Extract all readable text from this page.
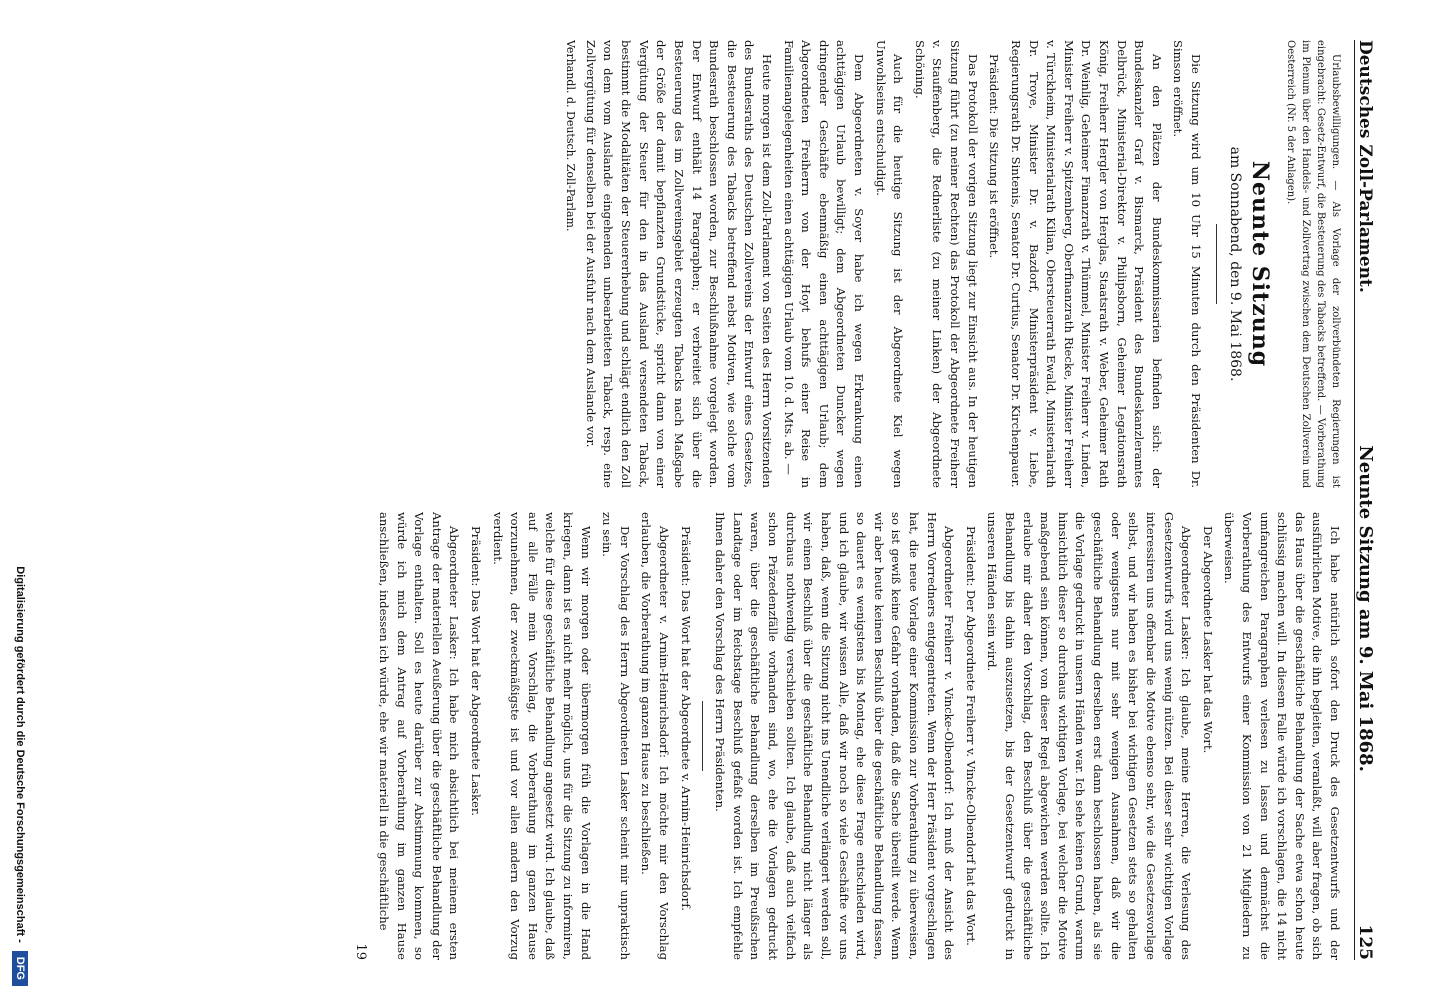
Deutsches Zoll-Parlament.
Neunte Sitzung am 9. Mai 1868.
125

Urlaubsbewilligungen. — Als Vorlage der zollverbündeten Regierungen ist eingebracht: Gesetz-Entwurf, die Besteuerung des Tabacks betreffend. — Vorberathung im Plenum über den Handels- und Zollvertrag zwischen dem Deutschen Zollverein und Oesterreich (Nr. 5 der Anlagen).

Neunte Sitzung
am Sonnabend, den 9. Mai 1868.

Die Sitzung wird um 10 Uhr 15 Minuten durch den Präsidenten Dr. Simson eröffnet.

An den Plätzen der Bundeskommissarien befinden sich: der Bundeskanzler Graf v. Bismarck, Präsident des Bundeskanzleramtes Delbrück, Ministerial-Direktor v. Philipsborn, Geheimer Legationsrath König, Freiherr Hergler von Herglas, Staatsrath v. Weber, Geheimer Rath Dr. Weinlig, Geheimer Finanzrath v. Thümmel, Minister Freiherr v. Linden, Minister Freiherr v. Spitzemberg, Oberfinanzrath Riecke, Minister Freiherr v. Türckheim, Ministerialrath Kilian, Obersteuerrath Ewald, Ministerialrath Dr. Troye, Minister Dr. v. Bazdorf, Ministerpräsident v. Liebe, Regierungsrath Dr. Sintenis, Senator Dr. Curtius, Senator Dr. Kirchenpauer.

Präsident: Die Sitzung ist eröffnet.

Das Protokoll der vorigen Sitzung liegt zur Einsicht aus. In der heutigen Sitzung führt (zu meiner Rechten) das Protokoll der Abgeordnete Freiherr v. Stauffenberg, die Rednerliste (zu meiner Linken) der Abgeordnete Schöning.

Auch für die heutige Sitzung ist der Abgeordnete Kiel wegen Unwohlseins entschuldigt.

Dem Abgeordneten v. Soyer habe ich wegen Erkrankung einen achttägigen Urlaub bewilligt; dem Abgeordneten Duncker wegen dringender Geschäfte ebenmäßig einen achttägigen Urlaub; dem Abgeordneten Freiherrn von der Hoyt behufs einer Reise in Familienangelegenheiten einen achttägigen Urlaub vom 10. d. Mts. ab. —

Heute morgen ist dem Zoll-Parlament von Seiten des Herrn Vorsitzenden des Bundesraths des Deutschen Zollvereins der Entwurf eines Gesetzes, die Besteuerung des Tabacks betreffend nebst Motiven, wie solche vom Bundesrath beschlossen worden, zur Beschlußnahme vorgelegt worden. Der Entwurf enthält 14 Paragraphen; er verbreitet sich über die Besteuerung des im Zollvereinsgebiet erzeugten Tabacks nach Maßgabe der Größe der damit bepflanzten Grundstücke, spricht dann von einer Vergütung der Steuer für den in das Ausland versendeten Taback, bestimmt die Modalitäten der Steuererhebung und schlägt endlich den Zoll von dem vom Auslande eingehenden unbearbeiteten Taback, resp. eine Zollvergütung für denselben bei der Ausfuhr nach dem Auslande vor.

Verhandl. d. Deutsch. Zoll-Parlam.

Ich habe natürlich sofort den Druck des Gesetzentwurfs und der ausführlichen Motive, die ihn begleiten, veranlaßt, will aber fragen, ob sich das Haus über die geschäftliche Behandlung der Sache etwa schon heute schlüssig machen will. In diesem Falle würde ich vorschlagen, die 14 nicht umfangreichen Paragraphen verlesen zu lassen und demnächst die Vorberathung des Entwurfs einer Kommission von 21 Mitgliedern zu überweisen.

Der Abgeordnete Lasker hat das Wort.

Abgeordneter Lasker: Ich glaube, meine Herren, die Verlesung des Gesetzentwurfs wird uns wenig nützen. Bei dieser sehr wichtigen Vorlage interessiren uns offenbar die Motive ebenso sehr, wie die Gesetzesvorlage selbst, und wir haben es bisher bei wichtigen Gesetzen stets so gehalten oder wenigstens nur mit sehr wenigen Ausnahmen, daß wir die geschäftliche Behandlung derselben erst dann beschlossen haben, als sie die Vorlage gedruckt in unsern Händen war. Ich sehe keinen Grund, warum hinsichtlich dieser so durchaus wichtigen Vorlage, bei welcher die Motive maßgebend sein können, von dieser Regel abgewichen werden sollte. Ich erlaube mir daher den Vorschlag, den Beschluß über die geschäftliche Behandlung bis dahin auszusetzen, bis der Gesetzentwurf gedruckt in unseren Händen sein wird.

Präsident: Der Abgeordnete Freiherr v. Vincke-Olbendorf hat das Wort.

Abgeordneter Freiherr v. Vincke-Olbendorf: Ich muß der Ansicht des Herrn Vorredners entgegentreten. Wenn der Herr Präsident vorgeschlagen hat, die neue Vorlage einer Kommission zur Vorberathung zu überweisen, so ist gewiß keine Gefahr vorhanden, daß die Sache übereilt werde. Wenn wir aber heute keinen Beschluß über die geschäftliche Behandlung fassen, so dauert es wenigstens bis Montag, ehe diese Frage entschieden wird, und ich glaube, wir wissen Alle, daß wir noch so viele Geschäfte vor uns haben, daß, wenn die Sitzung nicht ins Unendliche verlängert werden soll, wir einen Beschluß über die geschäftliche Behandlung nicht länger als durchaus nothwendig verschieben sollten. Ich glaube, daß auch vielfach schon Präzedenzfälle vorhanden sind, wo, ehe die Vorlagen gedruckt waren, über die geschäftliche Behandlung derselben im Preußischen Landtage oder im Reichstage Beschluß gefaßt worden ist. Ich empfehle Ihnen daher den Vorschlag des Herrn Präsidenten.

Präsident: Das Wort hat der Abgeordnete v. Arnim-Heinrichsdorf.

Abgeordneter v. Arnim-Heinrichsdorf: Ich möchte mir den Vorschlag erlauben, die Vorberathung im ganzen Hause zu beschließen.

Der Vorschlag des Herrn Abgeordneten Lasker scheint mir unpraktisch zu sein.

Wenn wir morgen oder übermorgen früh die Vorlagen in die Hand kriegen, dann ist es nicht mehr möglich, uns für die Sitzung zu informiren, welche für diese geschäftliche Behandlung angesetzt wird. Ich glaube, daß auf alle Fälle mein Vorschlag, die Vorberathung im ganzen Hause vorzunehmen, der zweckmäßigste ist und vor allen andern den Vorzug verdient.

Präsident: Das Wort hat der Abgeordnete Lasker.

Abgeordneter Lasker: Ich habe mich absichtlich bei meinem ersten Antrage der materiellen Aeußerung über die geschäftliche Behandlung der Vorlage enthalten. Soll es heute darüber zur Abstimmung kommen, so würde ich mich dem Antrag auf Vorberathung im ganzen Hause anschließen, indessen ich würde, ehe wir materiell in die geschäftliche

19
Digitalisierung gefördert durch die Deutsche Forschungsgemeinschaft -
DFG
